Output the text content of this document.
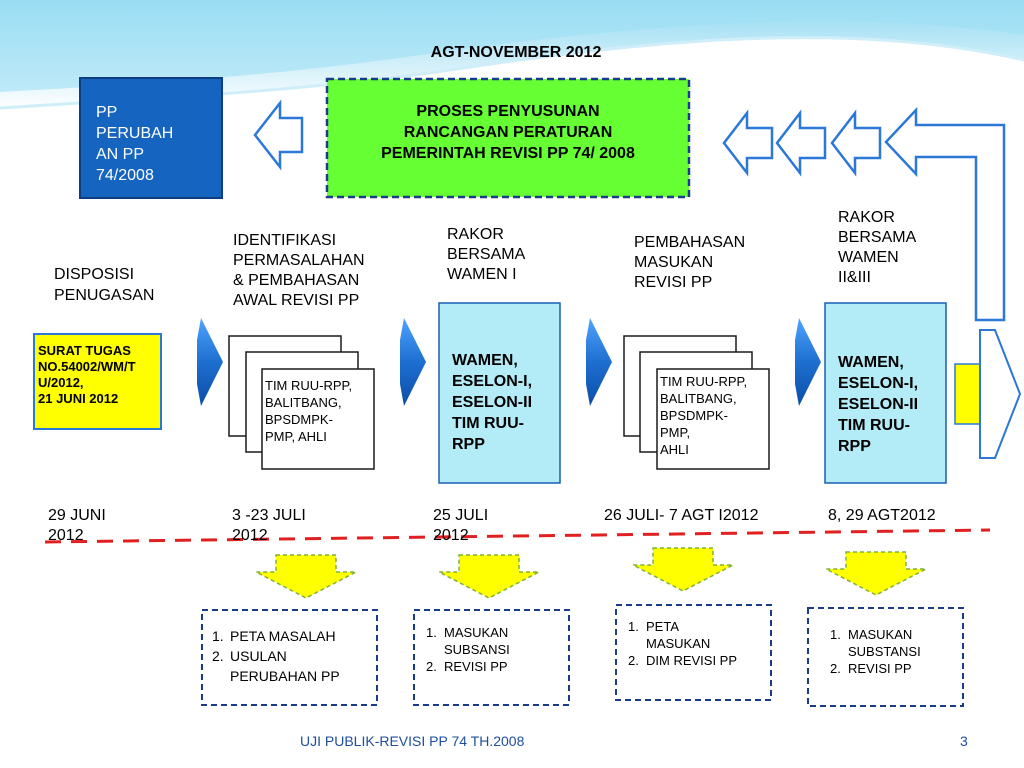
AGT-NOVEMBER 2012
PP
PERUBAH
AN PP
74/2008
PROSES PENYUSUNAN
RANCANGAN PERATURAN
PEMERINTAH REVISI PP 74/ 2008
DISPOSISI
PENUGASAN
IDENTIFIKASI
PERMASALAHAN
& PEMBAHASAN
AWAL REVISI PP
RAKOR
BERSAMA
WAMEN I
PEMBAHASAN
MASUKAN
REVISI PP
RAKOR
BERSAMA
WAMEN
II&III
SURAT TUGAS
NO.54002/WM/T
U/2012,
21 JUNI 2012
TIM RUU-RPP,
BALITBANG,
BPSDMPK-
PMP, AHLI
WAMEN,
ESELON-I,
ESELON-II
TIM RUU-
RPP
TIM RUU-RPP,
BALITBANG,
BPSDMPK-
PMP,
AHLI
WAMEN,
ESELON-I,
ESELON-II
TIM RUU-
RPP
29 JUNI
2012
3 -23 JULI
2012
25 JULI
2012
26 JULI- 7 AGT I2012	8, 29 AGT2012
1. PETA MASALAH
2. USULAN
PERUBAHAN PP
1. MASUKAN
SUBSANSI
2. REVISI PP
1. PETA
MASUKAN
2. DIM REVISI PP
1. MASUKAN
SUBSTANSI
2. REVISI PP
UJI PUBLIK-REVISI PP 74 TH.2008	3
